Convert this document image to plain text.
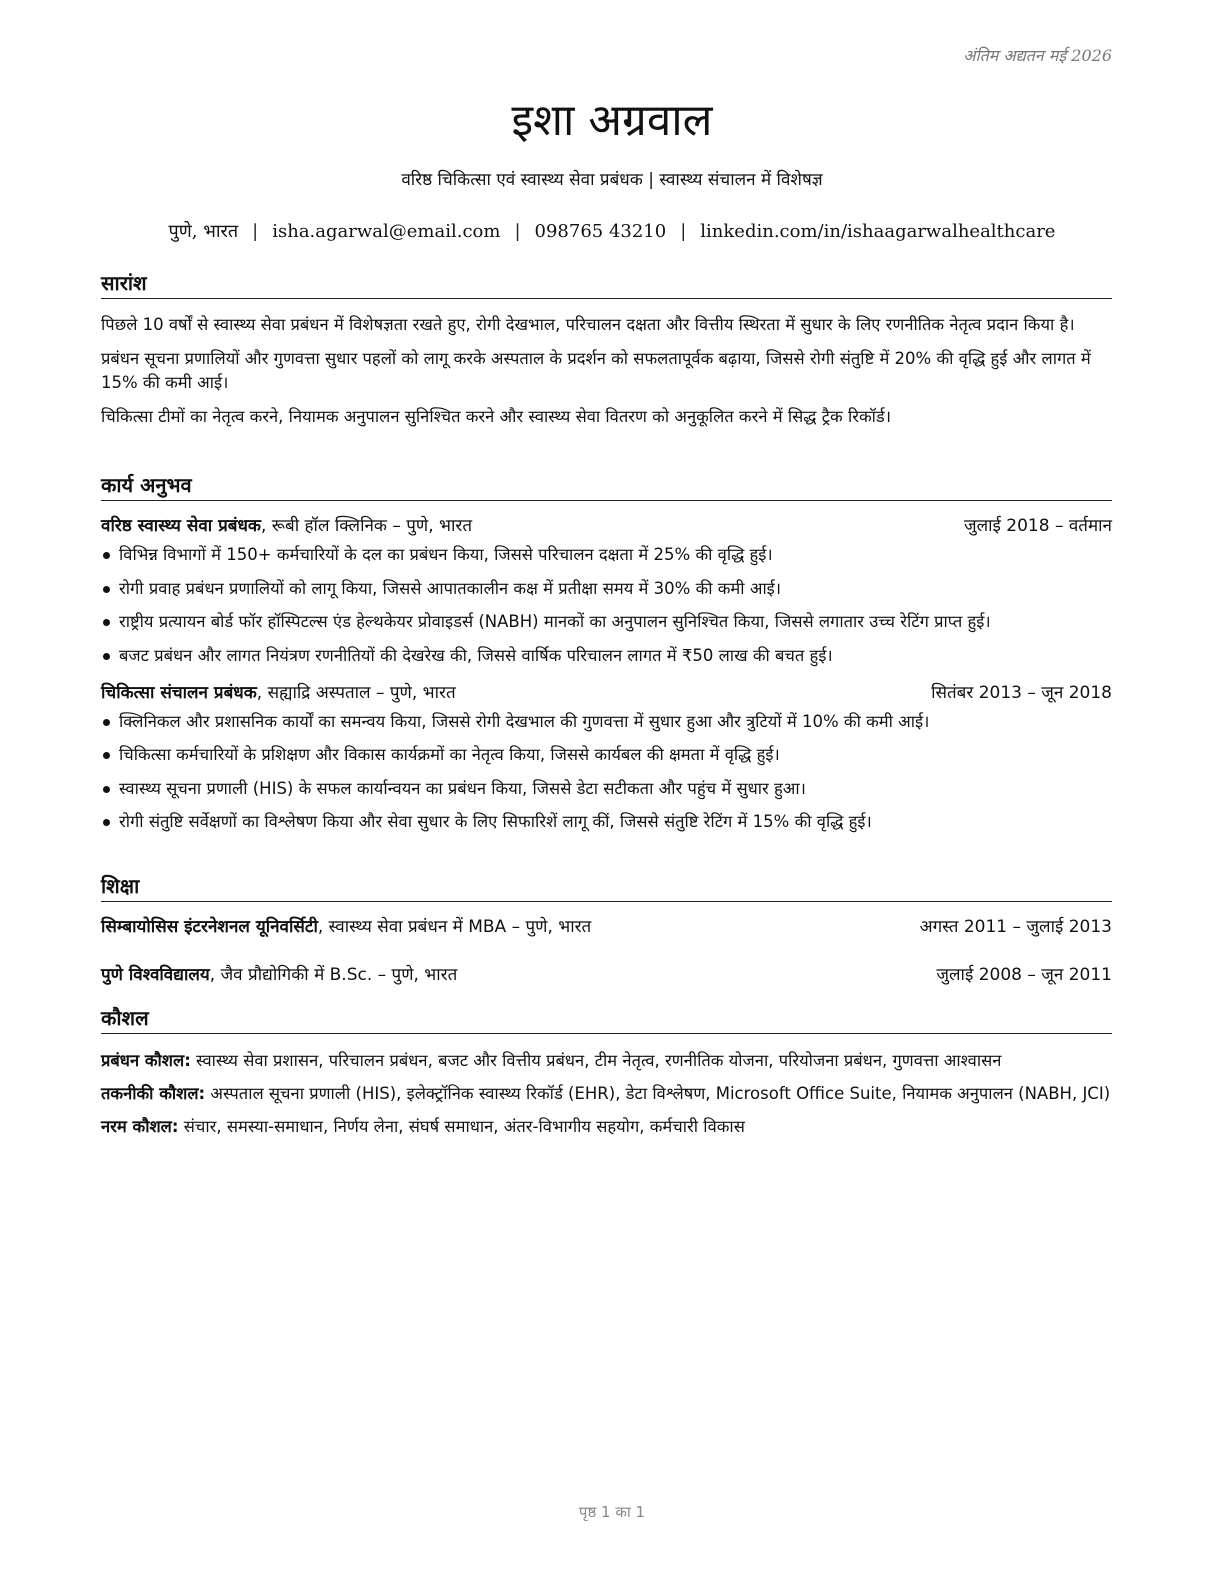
अंतिम अद्यतन मई 2026
इशा अग्रवाल
वरिष्ठ चिकित्सा एवं स्वास्थ्य सेवा प्रबंधक | स्वास्थ्य संचालन में विशेषज्ञ
पुणे, भारत | isha.agarwal@email.com | 098765 43210 | linkedin.com/in/ishaagarwalhealthcare
सारांश

पिछले 10 वर्षों से स्वास्थ्य सेवा प्रबंधन में विशेषज्ञता रखते हुए, रोगी देखभाल, परिचालन दक्षता और वित्तीय स्थिरता में सुधार के लिए रणनीतिक नेतृत्व प्रदान किया है।

प्रबंधन सूचना प्रणालियों और गुणवत्ता सुधार पहलों को लागू करके अस्पताल के प्रदर्शन को सफलतापूर्वक बढ़ाया, जिससे रोगी संतुष्टि में 20% की वृद्धि हुई और लागत में 15% की कमी आई।

चिकित्सा टीमों का नेतृत्व करने, नियामक अनुपालन सुनिश्चित करने और स्वास्थ्य सेवा वितरण को अनुकूलित करने में सिद्ध ट्रैक रिकॉर्ड।

कार्य अनुभव
वरिष्ठ स्वास्थ्य सेवा प्रबंधक, रूबी हॉल क्लिनिक – पुणे, भारत	जुलाई 2018 – वर्तमान
विभिन्न विभागों में 150+ कर्मचारियों के दल का प्रबंधन किया, जिससे परिचालन दक्षता में 25% की वृद्धि हुई।
रोगी प्रवाह प्रबंधन प्रणालियों को लागू किया, जिससे आपातकालीन कक्ष में प्रतीक्षा समय में 30% की कमी आई।
राष्ट्रीय प्रत्यायन बोर्ड फॉर हॉस्पिटल्स एंड हेल्थकेयर प्रोवाइडर्स (NABH) मानकों का अनुपालन सुनिश्चित किया, जिससे लगातार उच्च रेटिंग प्राप्त हुई।
बजट प्रबंधन और लागत नियंत्रण रणनीतियों की देखरेख की, जिससे वार्षिक परिचालन लागत में ₹50 लाख की बचत हुई।
चिकित्सा संचालन प्रबंधक, सह्याद्रि अस्पताल – पुणे, भारत	सितंबर 2013 – जून 2018
क्लिनिकल और प्रशासनिक कार्यों का समन्वय किया, जिससे रोगी देखभाल की गुणवत्ता में सुधार हुआ और त्रुटियों में 10% की कमी आई।
चिकित्सा कर्मचारियों के प्रशिक्षण और विकास कार्यक्रमों का नेतृत्व किया, जिससे कार्यबल की क्षमता में वृद्धि हुई।
स्वास्थ्य सूचना प्रणाली (HIS) के सफल कार्यान्वयन का प्रबंधन किया, जिससे डेटा सटीकता और पहुंच में सुधार हुआ।
रोगी संतुष्टि सर्वेक्षणों का विश्लेषण किया और सेवा सुधार के लिए सिफारिशें लागू कीं, जिससे संतुष्टि रेटिंग में 15% की वृद्धि हुई।
शिक्षा
सिम्बायोसिस इंटरनेशनल यूनिवर्सिटी, स्वास्थ्य सेवा प्रबंधन में MBA – पुणे, भारत	अगस्त 2011 – जुलाई 2013
पुणे विश्वविद्यालय, जैव प्रौद्योगिकी में B.Sc. – पुणे, भारत	जुलाई 2008 – जून 2011
कौशल

प्रबंधन कौशल: स्वास्थ्य सेवा प्रशासन, परिचालन प्रबंधन, बजट और वित्तीय प्रबंधन, टीम नेतृत्व, रणनीतिक योजना, परियोजना प्रबंधन, गुणवत्ता आश्वासन

तकनीकी कौशल: अस्पताल सूचना प्रणाली (HIS), इलेक्ट्रॉनिक स्वास्थ्य रिकॉर्ड (EHR), डेटा विश्लेषण, Microsoft Office Suite, नियामक अनुपालन (NABH, JCI)

नरम कौशल: संचार, समस्या-समाधान, निर्णय लेना, संघर्ष समाधान, अंतर-विभागीय सहयोग, कर्मचारी विकास

पृष्ठ 1 का 1
